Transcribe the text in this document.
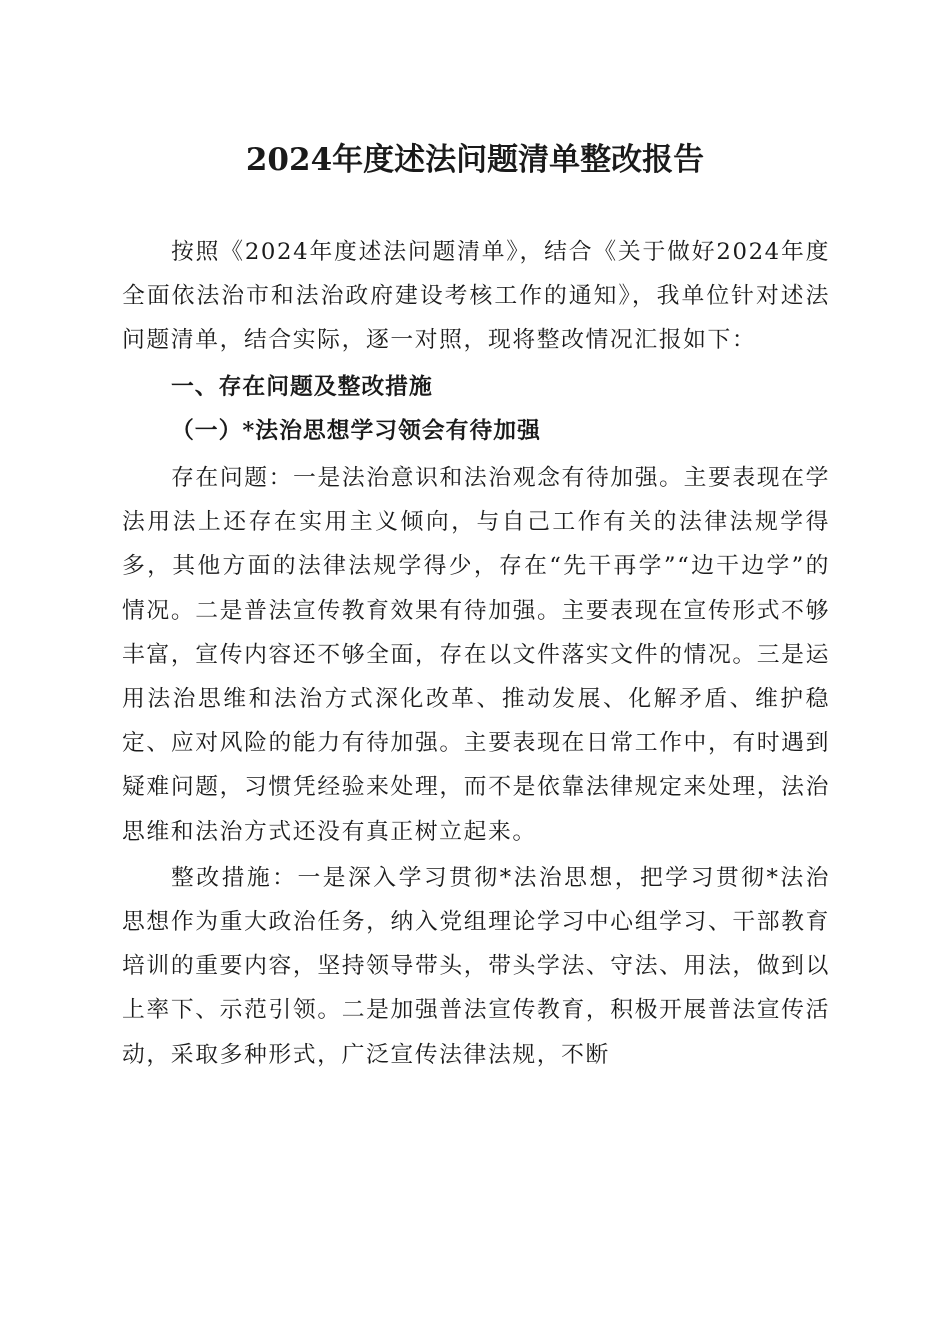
2024年度述法问题清单整改报告

按照《2024年度述法问题清单》，结合《关于做好2024年度全面依法治市和法治政府建设考核工作的通知》，我单位针对述法问题清单，结合实际，逐一对照，现将整改情况汇报如下：

一、存在问题及整改措施

（一）*法治思想学习领会有待加强

存在问题：一是法治意识和法治观念有待加强。主要表现在学法用法上还存在实用主义倾向，与自己工作有关的法律法规学得多，其他方面的法律法规学得少，存在“先干再学”“边干边学”的情况。二是普法宣传教育效果有待加强。主要表现在宣传形式不够丰富，宣传内容还不够全面，存在以文件落实文件的情况。三是运用法治思维和法治方式深化改革、推动发展、化解矛盾、维护稳定、应对风险的能力有待加强。主要表现在日常工作中，有时遇到疑难问题，习惯凭经验来处理，而不是依靠法律规定来处理，法治思维和法治方式还没有真正树立起来。

整改措施：一是深入学习贯彻*法治思想，把学习贯彻*法治思想作为重大政治任务，纳入党组理论学习中心组学习、干部教育培训的重要内容，坚持领导带头，带头学法、守法、用法，做到以上率下、示范引领。二是加强普法宣传教育，积极开展普法宣传活动，采取多种形式，广泛宣传法律法规，不断
